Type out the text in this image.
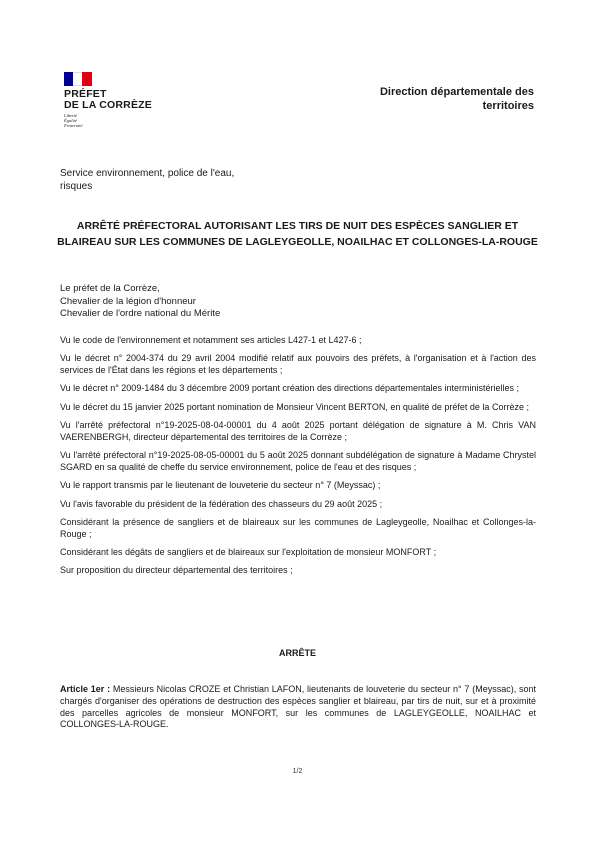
PRÉFET
DE LA CORRÈZE
Liberté
Égalité
Fraternité
Direction départementale des territoires
Service environnement, police de l'eau, risques
ARRÊTÉ PRÉFECTORAL AUTORISANT LES TIRS DE NUIT DES ESPÈCES SANGLIER ET BLAIREAU SUR LES COMMUNES DE LAGLEYGEOLLE, NOAILHAC ET COLLONGES-LA-ROUGE
Le préfet de la Corrèze,
Chevalier de la légion d'honneur
Chevalier de l'ordre national du Mérite

Vu le code de l'environnement et notamment ses articles L427-1 et L427-6 ;

Vu le décret n° 2004-374 du 29 avril 2004 modifié relatif aux pouvoirs des préfets, à l'organisation et à l'action des services de l'État dans les régions et les départements ;

Vu le décret n° 2009-1484 du 3 décembre 2009 portant création des directions départementales interministérielles ;

Vu le décret du 15 janvier 2025 portant nomination de Monsieur Vincent BERTON, en qualité de préfet de la Corrèze ;

Vu l'arrêté préfectoral n°19-2025-08-04-00001 du 4 août 2025 portant délégation de signature à M. Chris VAN VAERENBERGH, directeur départemental des territoires de la Corrèze ;

Vu l'arrêté préfectoral n°19-2025-08-05-00001 du 5 août 2025 donnant subdélégation de signature à Madame Chrystel SGARD en sa qualité de cheffe du service environnement, police de l'eau et des risques ;

Vu le rapport transmis par le lieutenant de louveterie du secteur n° 7 (Meyssac) ;

Vu l'avis favorable du président de la fédération des chasseurs du 29 août 2025 ;

Considérant la présence de sangliers et de blaireaux sur les communes de Lagleygeolle, Noailhac et Collonges-la-Rouge ;

Considérant les dégâts de sangliers et de blaireaux sur l'exploitation de monsieur MONFORT ;

Sur proposition du directeur départemental des territoires ;

ARRÊTE
Article 1er : Messieurs Nicolas CROZE et Christian LAFON, lieutenants de louveterie du secteur n° 7 (Meyssac), sont chargés d'organiser des opérations de destruction des espèces sanglier et blaireau, par tirs de nuit, sur et à proximité des parcelles agricoles de monsieur MONFORT, sur les communes de LAGLEYGEOLLE, NOAILHAC et COLLONGES-LA-ROUGE.
1/2
